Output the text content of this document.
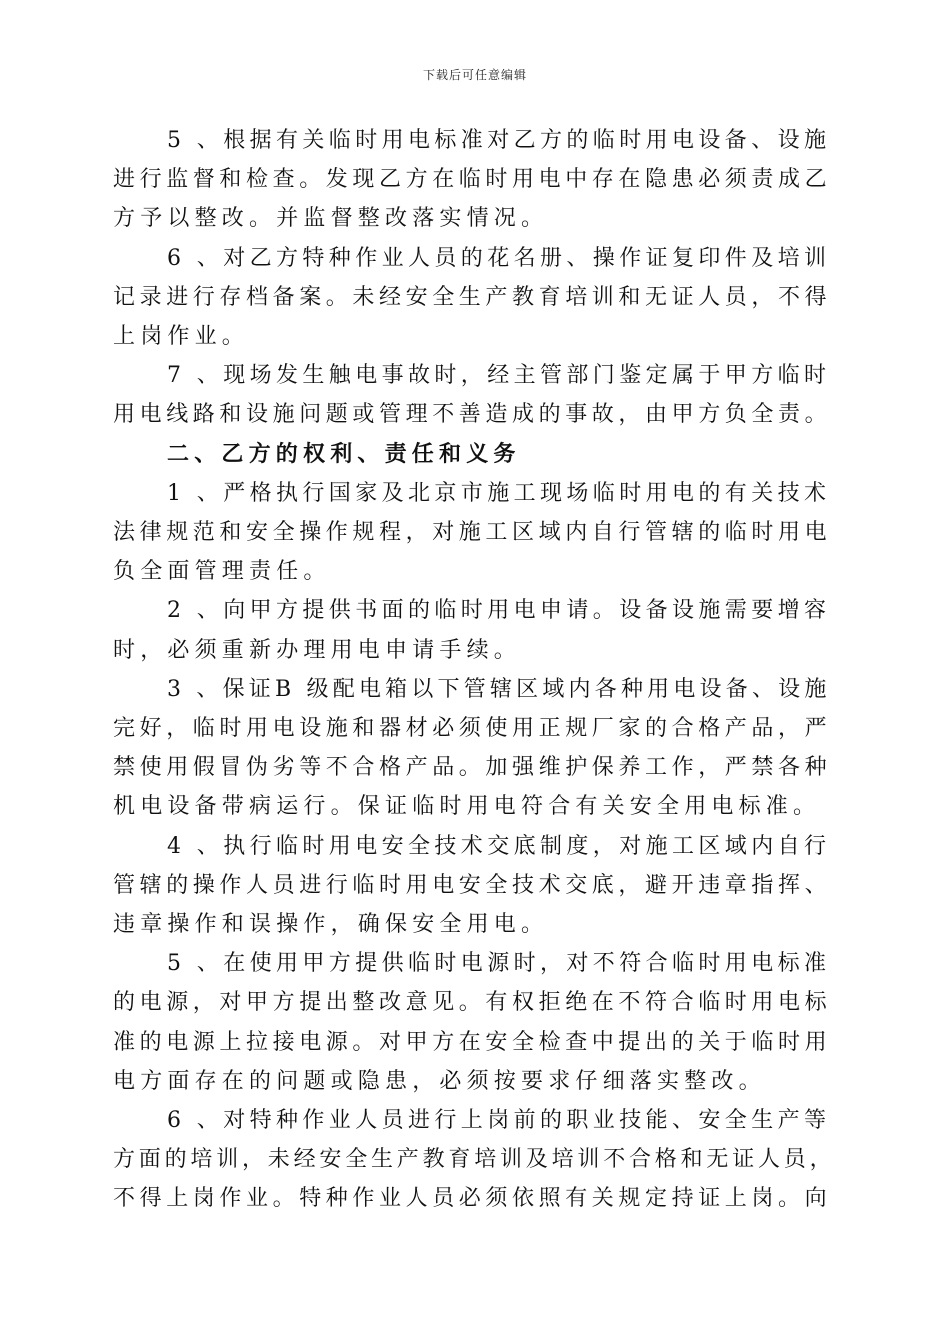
下载后可任意编辑

5 、根据有关临时用电标准对乙方的临时用电设备、设施
进行监督和检查。发现乙方在临时用电中存在隐患必须责成乙
方予以整改。并监督整改落实情况。

6 、对乙方特种作业人员的花名册、操作证复印件及培训
记录进行存档备案。未经安全生产教育培训和无证人员，不得
上岗作业。

7 、现场发生触电事故时，经主管部门鉴定属于甲方临时
用电线路和设施问题或管理不善造成的事故，由甲方负全责。

二、乙方的权利、责任和义务

1 、严格执行国家及北京市施工现场临时用电的有关技术
法律规范和安全操作规程，对施工区域内自行管辖的临时用电
负全面管理责任。

2 、向甲方提供书面的临时用电申请。设备设施需要增容
时，必须重新办理用电申请手续。

3 、保证B 级配电箱以下管辖区域内各种用电设备、设施
完好，临时用电设施和器材必须使用正规厂家的合格产品，严
禁使用假冒伪劣等不合格产品。加强维护保养工作，严禁各种
机电设备带病运行。保证临时用电符合有关安全用电标准。

4 、执行临时用电安全技术交底制度，对施工区域内自行
管辖的操作人员进行临时用电安全技术交底，避开违章指挥、
违章操作和误操作，确保安全用电。

5 、在使用甲方提供临时电源时，对不符合临时用电标准
的电源，对甲方提出整改意见。有权拒绝在不符合临时用电标
准的电源上拉接电源。对甲方在安全检查中提出的关于临时用
电方面存在的问题或隐患，必须按要求仔细落实整改。

6 、对特种作业人员进行上岗前的职业技能、安全生产等
方面的培训，未经安全生产教育培训及培训不合格和无证人员，
不得上岗作业。特种作业人员必须依照有关规定持证上岗。向
